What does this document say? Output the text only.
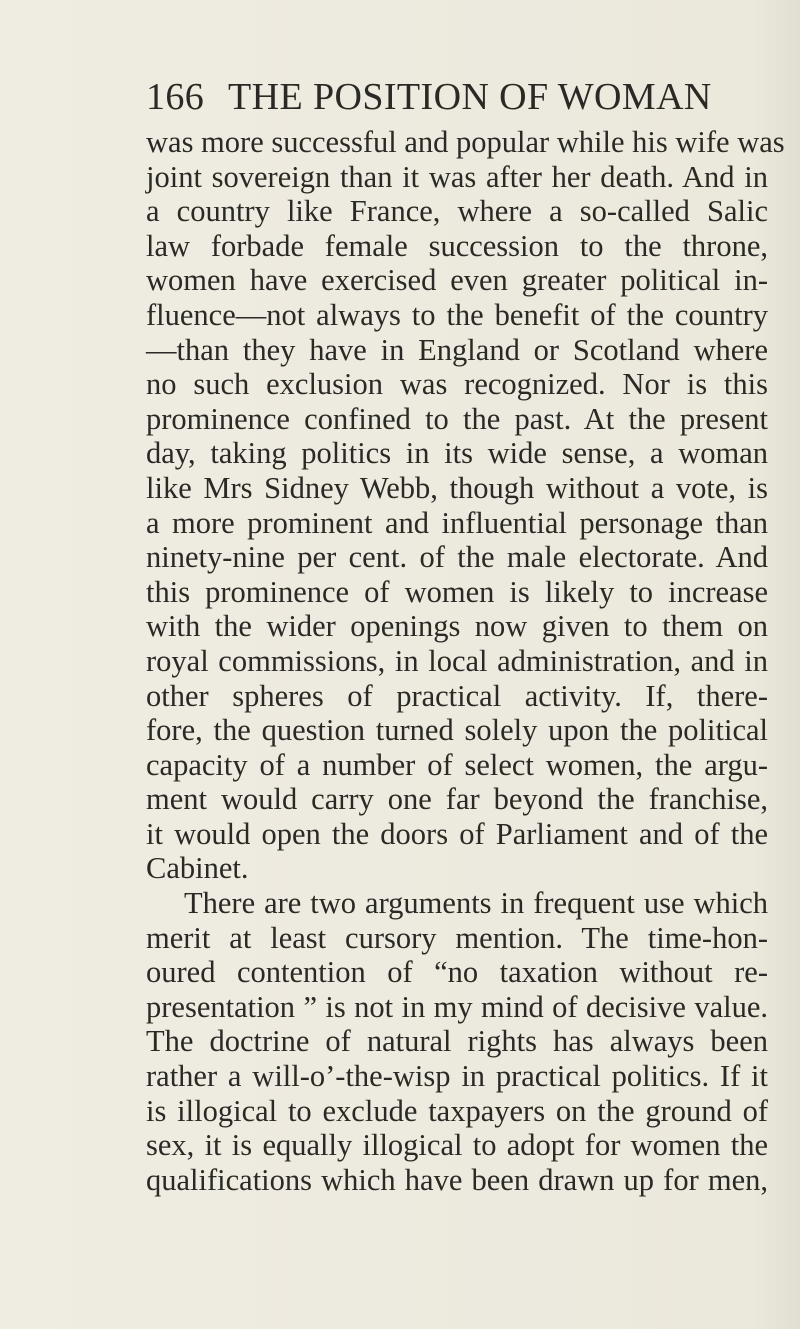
166 THE POSITION OF WOMAN
was more successful and popular while his wife was
joint sovereign than it was after her death. And in
a country like France, where a so-called Salic
law forbade female succession to the throne,
women have exercised even greater political in-
fluence—not always to the benefit of the country
—than they have in England or Scotland where
no such exclusion was recognized. Nor is this
prominence confined to the past. At the present
day, taking politics in its wide sense, a woman
like Mrs Sidney Webb, though without a vote, is
a more prominent and influential personage than
ninety-nine per cent. of the male electorate. And
this prominence of women is likely to increase
with the wider openings now given to them on
royal commissions, in local administration, and in
other spheres of practical activity. If, there-
fore, the question turned solely upon the political
capacity of a number of select women, the argu-
ment would carry one far beyond the franchise,
it would open the doors of Parliament and of the
Cabinet.
There are two arguments in frequent use which
merit at least cursory mention. The time-hon-
oured contention of “no taxation without re-
presentation ” is not in my mind of decisive value.
The doctrine of natural rights has always been
rather a will-o’-the-wisp in practical politics. If it
is illogical to exclude taxpayers on the ground of
sex, it is equally illogical to adopt for women the
qualifications which have been drawn up for men,
